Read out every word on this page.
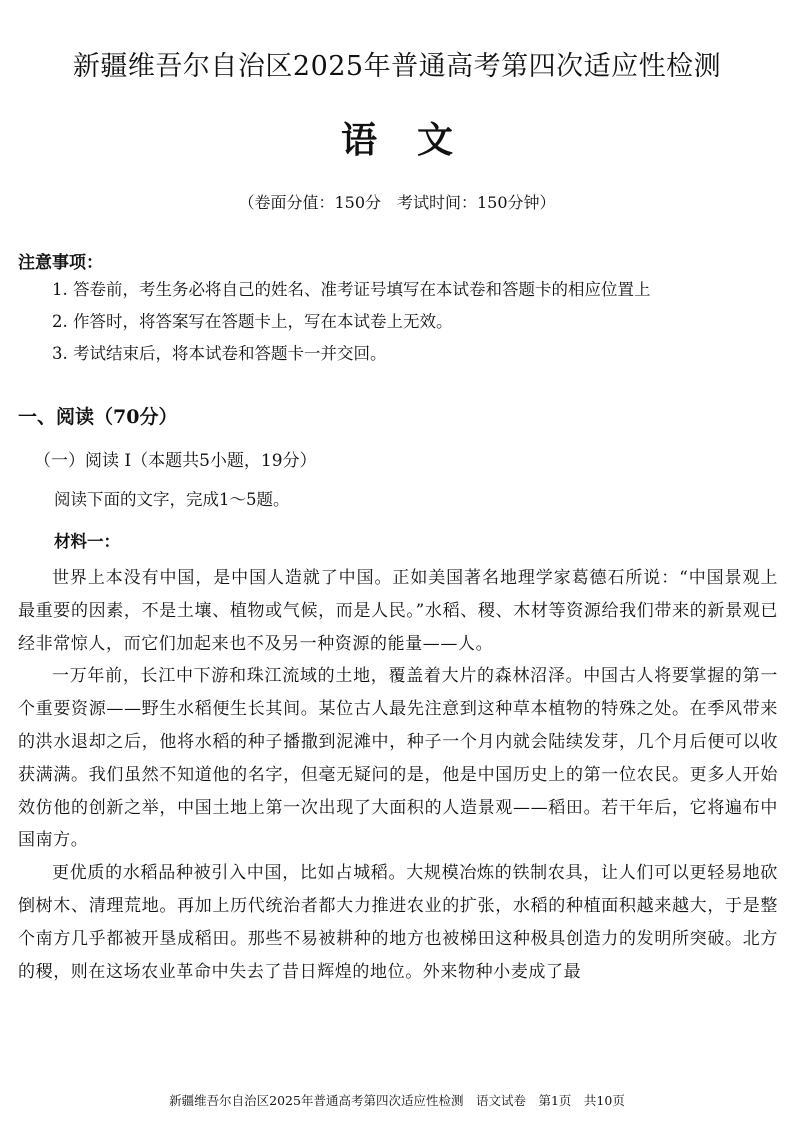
新疆维吾尔自治区2025年普通高考第四次适应性检测
语文
（卷面分值：150分　考试时间：150分钟）
注意事项：
1. 答卷前，考生务必将自己的姓名、准考证号填写在本试卷和答题卡的相应位置上
2. 作答时，将答案写在答题卡上，写在本试卷上无效。
3. 考试结束后，将本试卷和答题卡一并交回。
一、阅读（70分）
（一）阅读 I（本题共5小题，19分）
阅读下面的文字，完成1～5题。
材料一：

世界上本没有中国，是中国人造就了中国。正如美国著名地理学家葛德石所说：“中国景观上最重要的因素，不是土壤、植物或气候，而是人民。”水稻、稷、木材等资源给我们带来的新景观已经非常惊人，而它们加起来也不及另一种资源的能量——人。

一万年前，长江中下游和珠江流域的土地，覆盖着大片的森林沼泽。中国古人将要掌握的第一个重要资源——野生水稻便生长其间。某位古人最先注意到这种草本植物的特殊之处。在季风带来的洪水退却之后，他将水稻的种子播撒到泥滩中，种子一个月内就会陆续发芽，几个月后便可以收获满满。我们虽然不知道他的名字，但毫无疑问的是，他是中国历史上的第一位农民。更多人开始效仿他的创新之举，中国土地上第一次出现了大面积的人造景观——稻田。若干年后，它将遍布中国南方。

更优质的水稻品种被引入中国，比如占城稻。大规模冶炼的铁制农具，让人们可以更轻易地砍倒树木、清理荒地。再加上历代统治者都大力推进农业的扩张，水稻的种植面积越来越大，于是整个南方几乎都被开垦成稻田。那些不易被耕种的地方也被梯田这种极具创造力的发明所突破。北方的稷，则在这场农业革命中失去了昔日辉煌的地位。外来物种小麦成了最

新疆维吾尔自治区2025年普通高考第四次适应性检测　语文试卷　第1页　共10页
